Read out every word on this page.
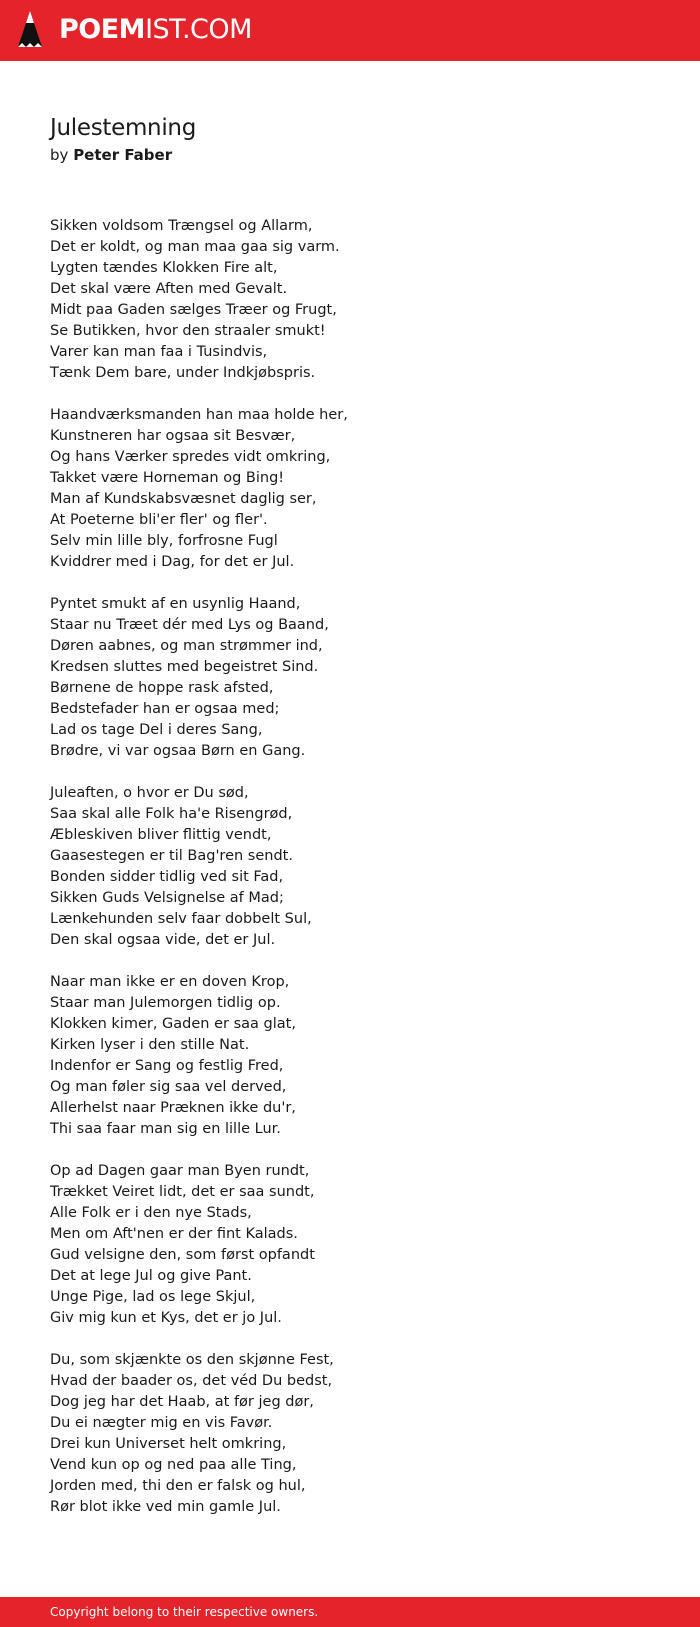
POEMIST.COM
Julestemning

by Peter Faber

Sikken voldsom Trængsel og Allarm,
Det er koldt, og man maa gaa sig varm.
Lygten tændes Klokken Fire alt,
Det skal være Aften med Gevalt.
Midt paa Gaden sælges Træer og Frugt,
Se Butikken, hvor den straaler smukt!
Varer kan man faa i Tusindvis,
Tænk Dem bare, under Indkjøbspris.
Haandværksmanden han maa holde her,
Kunstneren har ogsaa sit Besvær,
Og hans Værker spredes vidt omkring,
Takket være Horneman og Bing!
Man af Kundskabsvæsnet daglig ser,
At Poeterne bli'er fler' og fler'.
Selv min lille bly, forfrosne Fugl
Kviddrer med i Dag, for det er Jul.
Pyntet smukt af en usynlig Haand,
Staar nu Træet dér med Lys og Baand,
Døren aabnes, og man strømmer ind,
Kredsen sluttes med begeistret Sind.
Børnene de hoppe rask afsted,
Bedstefader han er ogsaa med;
Lad os tage Del i deres Sang,
Brødre, vi var ogsaa Børn en Gang.
Juleaften, o hvor er Du sød,
Saa skal alle Folk ha'e Risengrød,
Æbleskiven bliver flittig vendt,
Gaasestegen er til Bag'ren sendt.
Bonden sidder tidlig ved sit Fad,
Sikken Guds Velsignelse af Mad;
Lænkehunden selv faar dobbelt Sul,
Den skal ogsaa vide, det er Jul.
Naar man ikke er en doven Krop,
Staar man Julemorgen tidlig op.
Klokken kimer, Gaden er saa glat,
Kirken lyser i den stille Nat.
Indenfor er Sang og festlig Fred,
Og man føler sig saa vel derved,
Allerhelst naar Præknen ikke du'r,
Thi saa faar man sig en lille Lur.
Op ad Dagen gaar man Byen rundt,
Trækket Veiret lidt, det er saa sundt,
Alle Folk er i den nye Stads,
Men om Aft'nen er der fint Kalads.
Gud velsigne den, som først opfandt
Det at lege Jul og give Pant.
Unge Pige, lad os lege Skjul,
Giv mig kun et Kys, det er jo Jul.
Du, som skjænkte os den skjønne Fest,
Hvad der baader os, det véd Du bedst,
Dog jeg har det Haab, at før jeg dør,
Du ei nægter mig en vis Favør.
Drei kun Universet helt omkring,
Vend kun op og ned paa alle Ting,
Jorden med, thi den er falsk og hul,
Rør blot ikke ved min gamle Jul.
Copyright belong to their respective owners.
